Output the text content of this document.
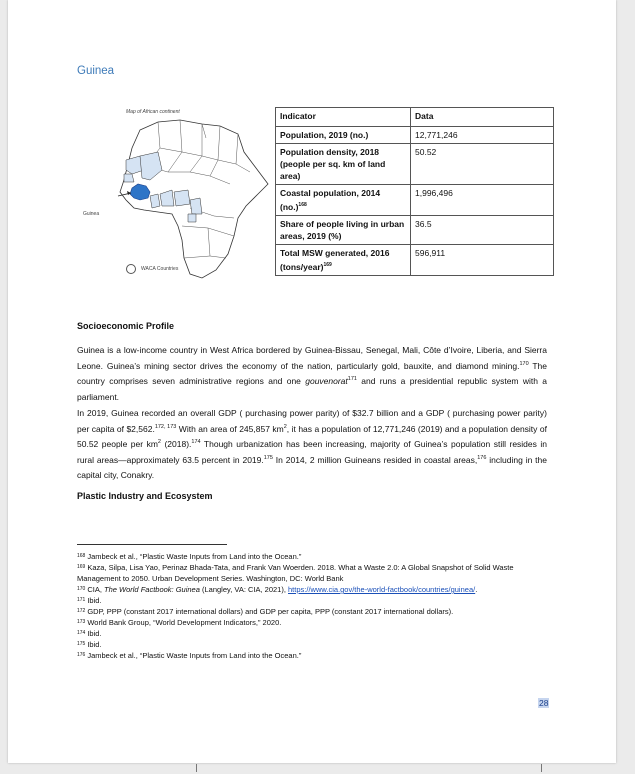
Guinea
Map of African continent
Guinea
WACA Countries
Indicator	Data
Population, 2019 (no.)	12,771,246
Population density, 2018 (people per sq. km of land area)	50.52
Coastal population, 2014 $(no.)^{168}$	1,996,496
Share of people living in urban areas, 2019 (%)	36.5
Total MSW generated, 2016 (tons/year)$^{169}$	596,911
Socioeconomic Profile

Guinea is a low-income country in West Africa bordered by Guinea-Bissau, Senegal, Mali, Côte d’Ivoire, Liberia, and Sierra Leone. Guinea’s mining sector drives the economy of the nation, particularly gold, bauxite, and diamond mining.$^{170}$ The country comprises seven administrative regions and one gouvenorat$^{171}$ and runs a presidential republic system with a parliament.

In 2019, Guinea recorded an overall GDP ( purchasing power parity) of $32.7 billion and a GDP ( purchasing power parity) per capita of $2,562.$^{172, 173}$ With an area of 245,857 $km^2$, it has a population of 12,771,246 (2019) and a population density of 50.52 people per $km^2$ (2018).$^{174}$ Though urbanization has been increasing, majority of Guinea’s population still resides in rural areas—approximately 63.5 percent in 2019.$^{175}$ In 2014, 2 million Guineans resided in coastal areas,$^{176}$ including in the capital city, Conakry.

Plastic Industry and Ecosystem

$^{168}$ Jambeck et al., “Plastic Waste Inputs from Land into the Ocean.”

$^{169}$ Kaza, Silpa, Lisa Yao, Perinaz Bhada-Tata, and Frank Van Woerden. 2018. What a Waste 2.0: A Global Snapshot of Solid Waste Management to 2050. Urban Development Series. Washington, DC: World Bank

$^{170}$ CIA, The World Factbook: Guinea (Langley, VA: CIA, 2021), https://www.cia.gov/the-world-factbook/countries/guinea/.

$^{171}$ Ibid.

$^{172}$ GDP, PPP (constant 2017 international dollars) and GDP per capita, PPP (constant 2017 international dollars).

$^{173}$ World Bank Group, “World Development Indicators,” 2020.

$^{174}$ Ibid.

$^{175}$ Ibid.

$^{176}$ Jambeck et al., “Plastic Waste Inputs from Land into the Ocean.”

28
